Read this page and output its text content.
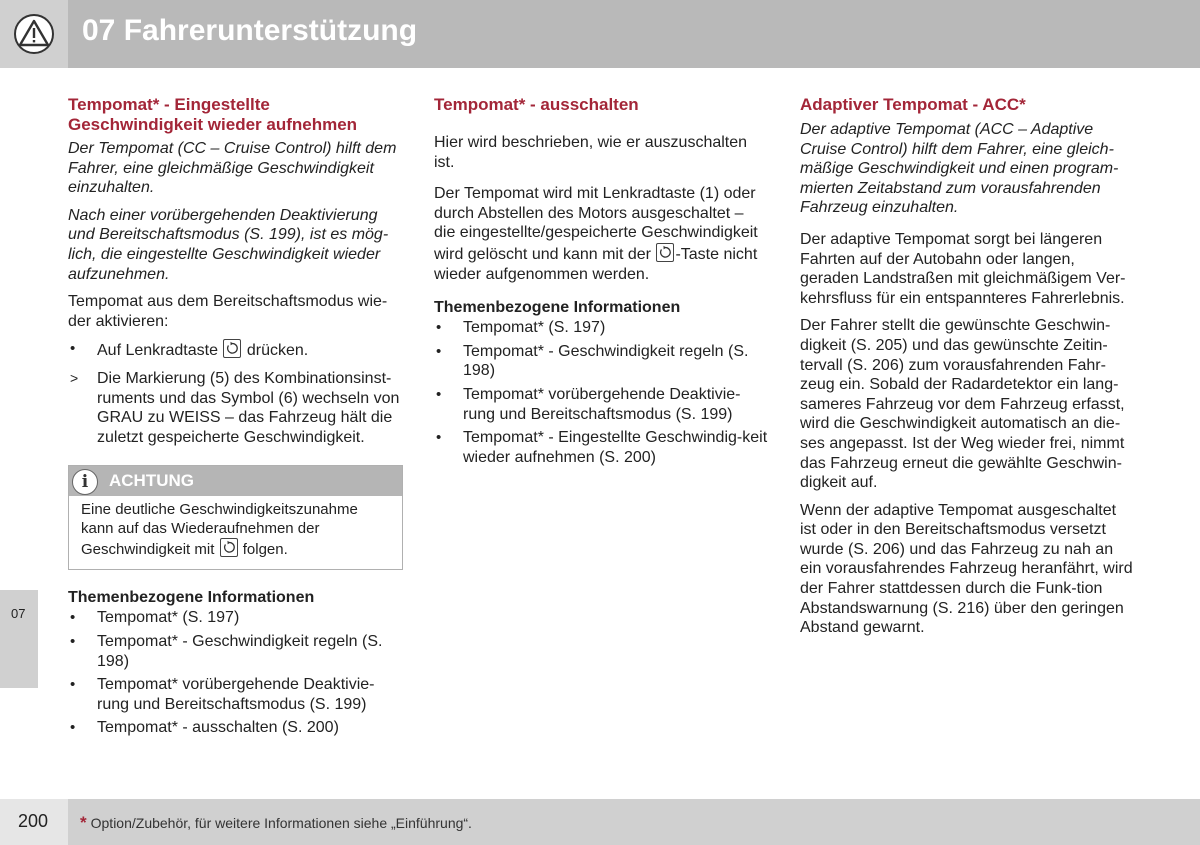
07 Fahrerunterstützung
Tempomat* - Eingestellte Geschwindigkeit wieder aufnehmen

Der Tempomat (CC – Cruise Control) hilft dem Fahrer, eine gleichmäßige Geschwindigkeit einzuhalten.

Nach einer vorübergehenden Deaktivierung und Bereitschaftsmodus (S. 199), ist es mög-lich, die eingestellte Geschwindigkeit wieder aufzunehmen.

Tempomat aus dem Bereitschaftsmodus wie-der aktivieren:

• Auf Lenkradtaste drücken.
> Die Markierung (5) des Kombinationsinst-ruments und das Symbol (6) wechseln von GRAU zu WEISS – das Fahrzeug hält die zuletzt gespeicherte Geschwindigkeit.
i	ACHTUNG
Eine deutliche Geschwindigkeitszunahme kann auf das Wiederaufnehmen der Geschwindigkeit mit folgen.
Themenbezogene Informationen
• Tempomat* (S. 197)
• Tempomat* - Geschwindigkeit regeln (S. 198)
• Tempomat* vorübergehende Deaktivie-rung und Bereitschaftsmodus (S. 199)
• Tempomat* - ausschalten (S. 200)
Tempomat* - ausschalten

Hier wird beschrieben, wie er auszuschalten ist.

Der Tempomat wird mit Lenkradtaste (1) oder durch Abstellen des Motors ausgeschaltet – die eingestellte/gespeicherte Geschwindigkeit wird gelöscht und kann mit der -Taste nicht wieder aufgenommen werden.

Themenbezogene Informationen
• Tempomat* (S. 197)
• Tempomat* - Geschwindigkeit regeln (S. 198)
• Tempomat* vorübergehende Deaktivie-rung und Bereitschaftsmodus (S. 199)
• Tempomat* - Eingestellte Geschwindig-keit wieder aufnehmen (S. 200)
Adaptiver Tempomat - ACC*

Der adaptive Tempomat (ACC – Adaptive Cruise Control) hilft dem Fahrer, eine gleich-mäßige Geschwindigkeit und einen program-mierten Zeitabstand zum vorausfahrenden Fahrzeug einzuhalten.

Der adaptive Tempomat sorgt bei längeren Fahrten auf der Autobahn oder langen, geraden Landstraßen mit gleichmäßigem Ver-kehrsfluss für ein entspannteres Fahrerlebnis.

Der Fahrer stellt die gewünschte Geschwin-digkeit (S. 205) und das gewünschte Zeitin-tervall (S. 206) zum vorausfahrenden Fahr-zeug ein. Sobald der Radardetektor ein lang-sameres Fahrzeug vor dem Fahrzeug erfasst, wird die Geschwindigkeit automatisch an die-ses angepasst. Ist der Weg wieder frei, nimmt das Fahrzeug erneut die gewählte Geschwin-digkeit auf.

Wenn der adaptive Tempomat ausgeschaltet ist oder in den Bereitschaftsmodus versetzt wurde (S. 206) und das Fahrzeug zu nah an ein vorausfahrendes Fahrzeug heranfährt, wird der Fahrer stattdessen durch die Funk-tion Abstandswarnung (S. 216) über den geringen Abstand gewarnt.

07
200 * Option/Zubehör, für weitere Informationen siehe „Einführung“.
